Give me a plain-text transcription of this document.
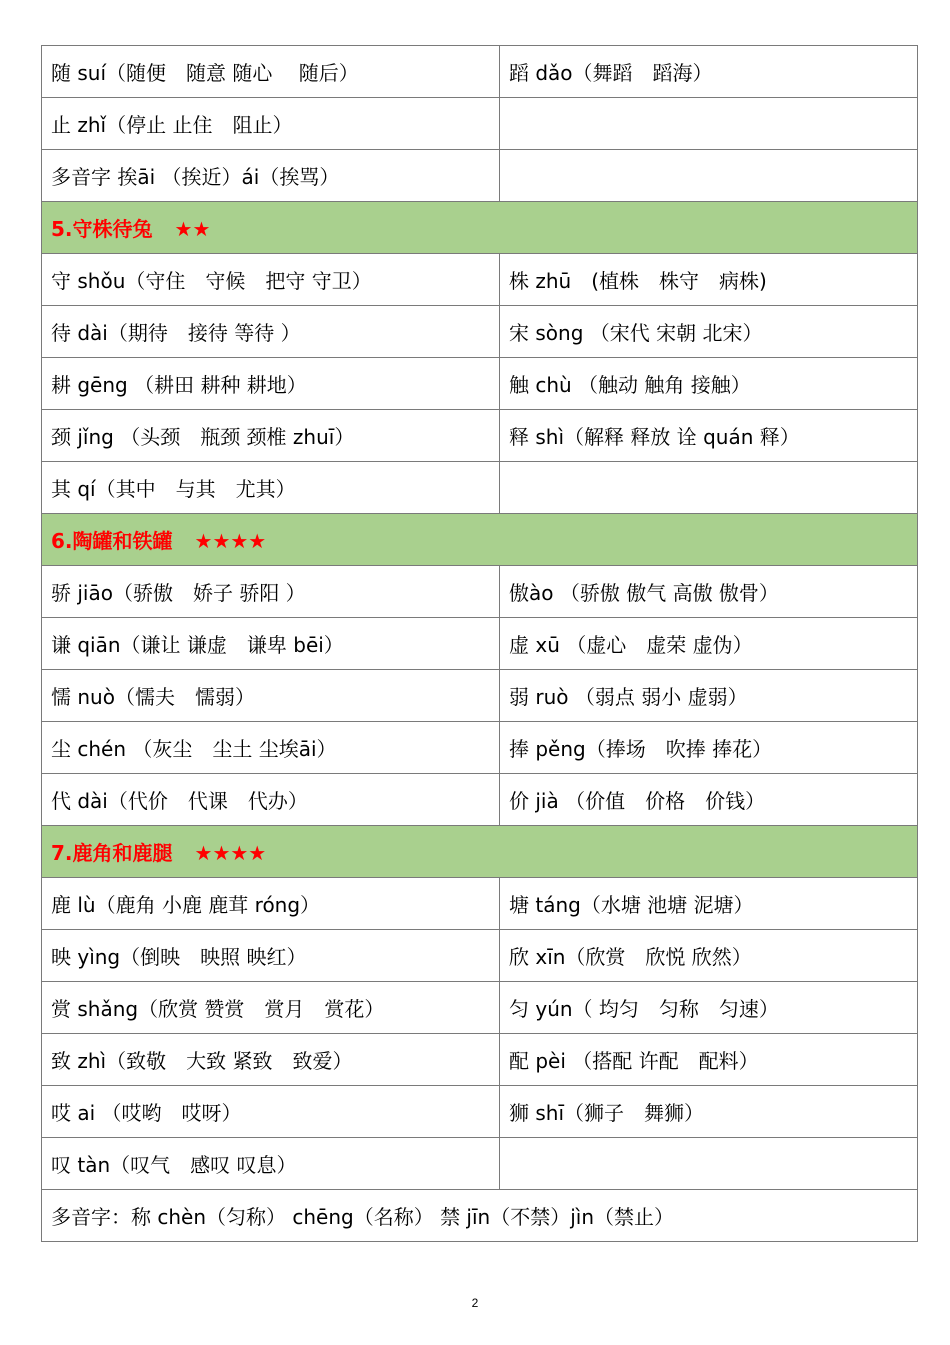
随 suí（随便　随意 随心　 随后）	蹈 dǎo（舞蹈　蹈海）
止 zhǐ（停止 止住　阻止）	
多音字 挨āi （挨近）ái（挨骂）	
5.守株待兔 ★★	
守 shǒu（守住　守候　把守 守卫）	株 zhū　(植株　株守　病株)
待 dài（期待　接待 等待 ）	宋 sòng （宋代 宋朝 北宋）
耕 gēng （耕田 耕种 耕地）	触 chù （触动 触角 接触）
颈 jǐng （头颈　瓶颈 颈椎 zhuī）	释 shì（解释 释放 诠 quán 释）
其 qí（其中　与其　尤其）	
6.陶罐和铁罐 ★★★★	
骄 jiāo（骄傲　娇子 骄阳 ）	傲ào （骄傲 傲气 高傲 傲骨）
谦 qiān（谦让 谦虚　谦卑 bēi）	虚 xū （虚心　虚荣 虚伪）
懦 nuò（懦夫　懦弱）	弱 ruò （弱点 弱小 虚弱）
尘 chén （灰尘　尘土 尘埃āi）	捧 pěng（捧场　吹捧 捧花）
代 dài（代价　代课　代办）	价 jià （价值　价格　价钱）
7.鹿角和鹿腿 ★★★★	
鹿 lù（鹿角 小鹿 鹿茸 róng）	塘 táng（水塘 池塘 泥塘）
映 yìng（倒映　映照 映红）	欣 xīn（欣赏　欣悦 欣然）
赏 shǎng（欣赏 赞赏　赏月　赏花）	匀 yún（ 均匀　匀称　匀速）
致 zhì（致敬　大致 紧致　致爱）	配 pèi （搭配 许配　配料）
哎 ai （哎哟　哎呀）	狮 shī（狮子　舞狮）
叹 tàn（叹气　感叹 叹息）	
多音字：称 chèn（匀称） chēng（名称） 禁 jīn（不禁）jìn（禁止）	
2
